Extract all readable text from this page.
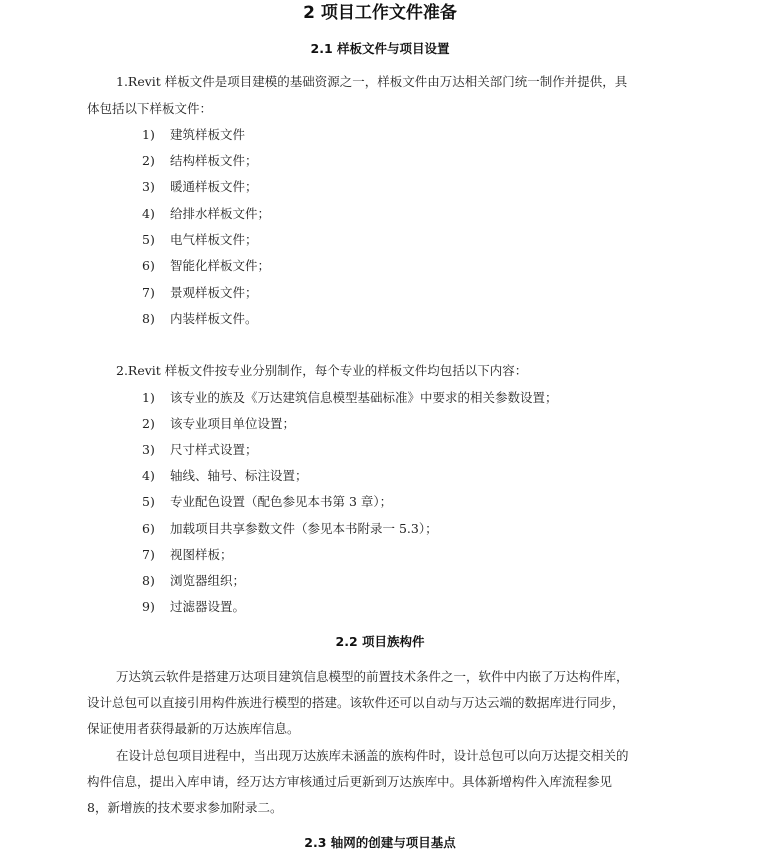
2 项目工作文件准备
2.1 样板文件与项目设置
1.Revit 样板文件是项目建模的基础资源之一，样板文件由万达相关部门统一制作并提供，具
体包括以下样板文件：
1) 建筑样板文件
2) 结构样板文件；
3) 暖通样板文件；
4) 给排水样板文件；
5) 电气样板文件；
6) 智能化样板文件；
7) 景观样板文件；
8) 内装样板文件。
2.Revit 样板文件按专业分别制作，每个专业的样板文件均包括以下内容：
1) 该专业的族及《万达建筑信息模型基础标准》中要求的相关参数设置；
2) 该专业项目单位设置；
3) 尺寸样式设置；
4) 轴线、轴号、标注设置；
5) 专业配色设置（配色参见本书第 3 章）；
6) 加载项目共享参数文件（参见本书附录一 5.3）；
7) 视图样板；
8) 浏览器组织；
9) 过滤器设置。
2.2 项目族构件
万达筑云软件是搭建万达项目建筑信息模型的前置技术条件之一，软件中内嵌了万达构件库，
设计总包可以直接引用构件族进行模型的搭建。该软件还可以自动与万达云端的数据库进行同步，
保证使用者获得最新的万达族库信息。
在设计总包项目进程中，当出现万达族库未涵盖的族构件时，设计总包可以向万达提交相关的
构件信息，提出入库申请，经万达方审核通过后更新到万达族库中。具体新增构件入库流程参见
8，新增族的技术要求参加附录二。
2.3 轴网的创建与项目基点
